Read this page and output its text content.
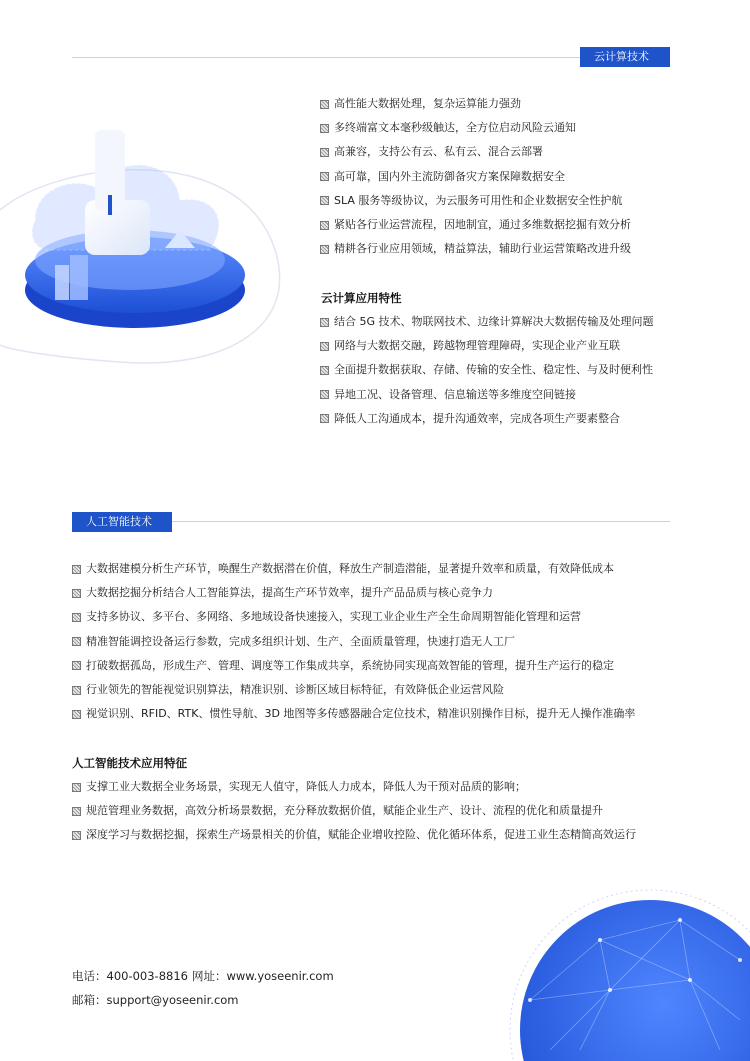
云计算技术
高性能大数据处理，复杂运算能力强劲
多终端富文本毫秒级触达，全方位启动风险云通知
高兼容，支持公有云、私有云、混合云部署
高可靠，国内外主流防御备灾方案保障数据安全
SLA 服务等级协议，为云服务可用性和企业数据安全性护航
紧贴各行业运营流程，因地制宜，通过多维数据挖掘有效分析
精耕各行业应用领域，精益算法，辅助行业运营策略改进升级
云计算应用特性
结合 5G 技术、物联网技术、边缘计算解决大数据传输及处理问题
网络与大数据交融，跨越物理管理障碍，实现企业产业互联
全面提升数据获取、存储、传输的安全性、稳定性、与及时便利性
异地工况、设备管理、信息输送等多维度空间链接
降低人工沟通成本，提升沟通效率，完成各项生产要素整合
人工智能技术
大数据建模分析生产环节，唤醒生产数据潜在价值，释放生产制造潜能，显著提升效率和质量，有效降低成本
大数据挖掘分析结合人工智能算法，提高生产环节效率，提升产品品质与核心竞争力
支持多协议、多平台、多网络、多地域设备快速接入，实现工业企业生产全生命周期智能化管理和运营
精准智能调控设备运行参数，完成多组织计划、生产、全面质量管理，快速打造无人工厂
打破数据孤岛，形成生产、管理、调度等工作集成共享，系统协同实现高效智能的管理，提升生产运行的稳定
行业领先的智能视觉识别算法，精准识别、诊断区域目标特征，有效降低企业运营风险
视觉识别、RFID、RTK、惯性导航、3D 地图等多传感器融合定位技术，精准识别操作目标，提升无人操作准确率
人工智能技术应用特征
支撑工业大数据全业务场景，实现无人值守，降低人力成本，降低人为干预对品质的影响；
规范管理业务数据，高效分析场景数据，充分释放数据价值，赋能企业生产、设计、流程的优化和质量提升
深度学习与数据挖掘，探索生产场景相关的价值，赋能企业增收控险、优化循环体系，促进工业生态精简高效运行
电话：400-003-8816 网址：www.yoseenir.com
邮箱：support@yoseenir.com
